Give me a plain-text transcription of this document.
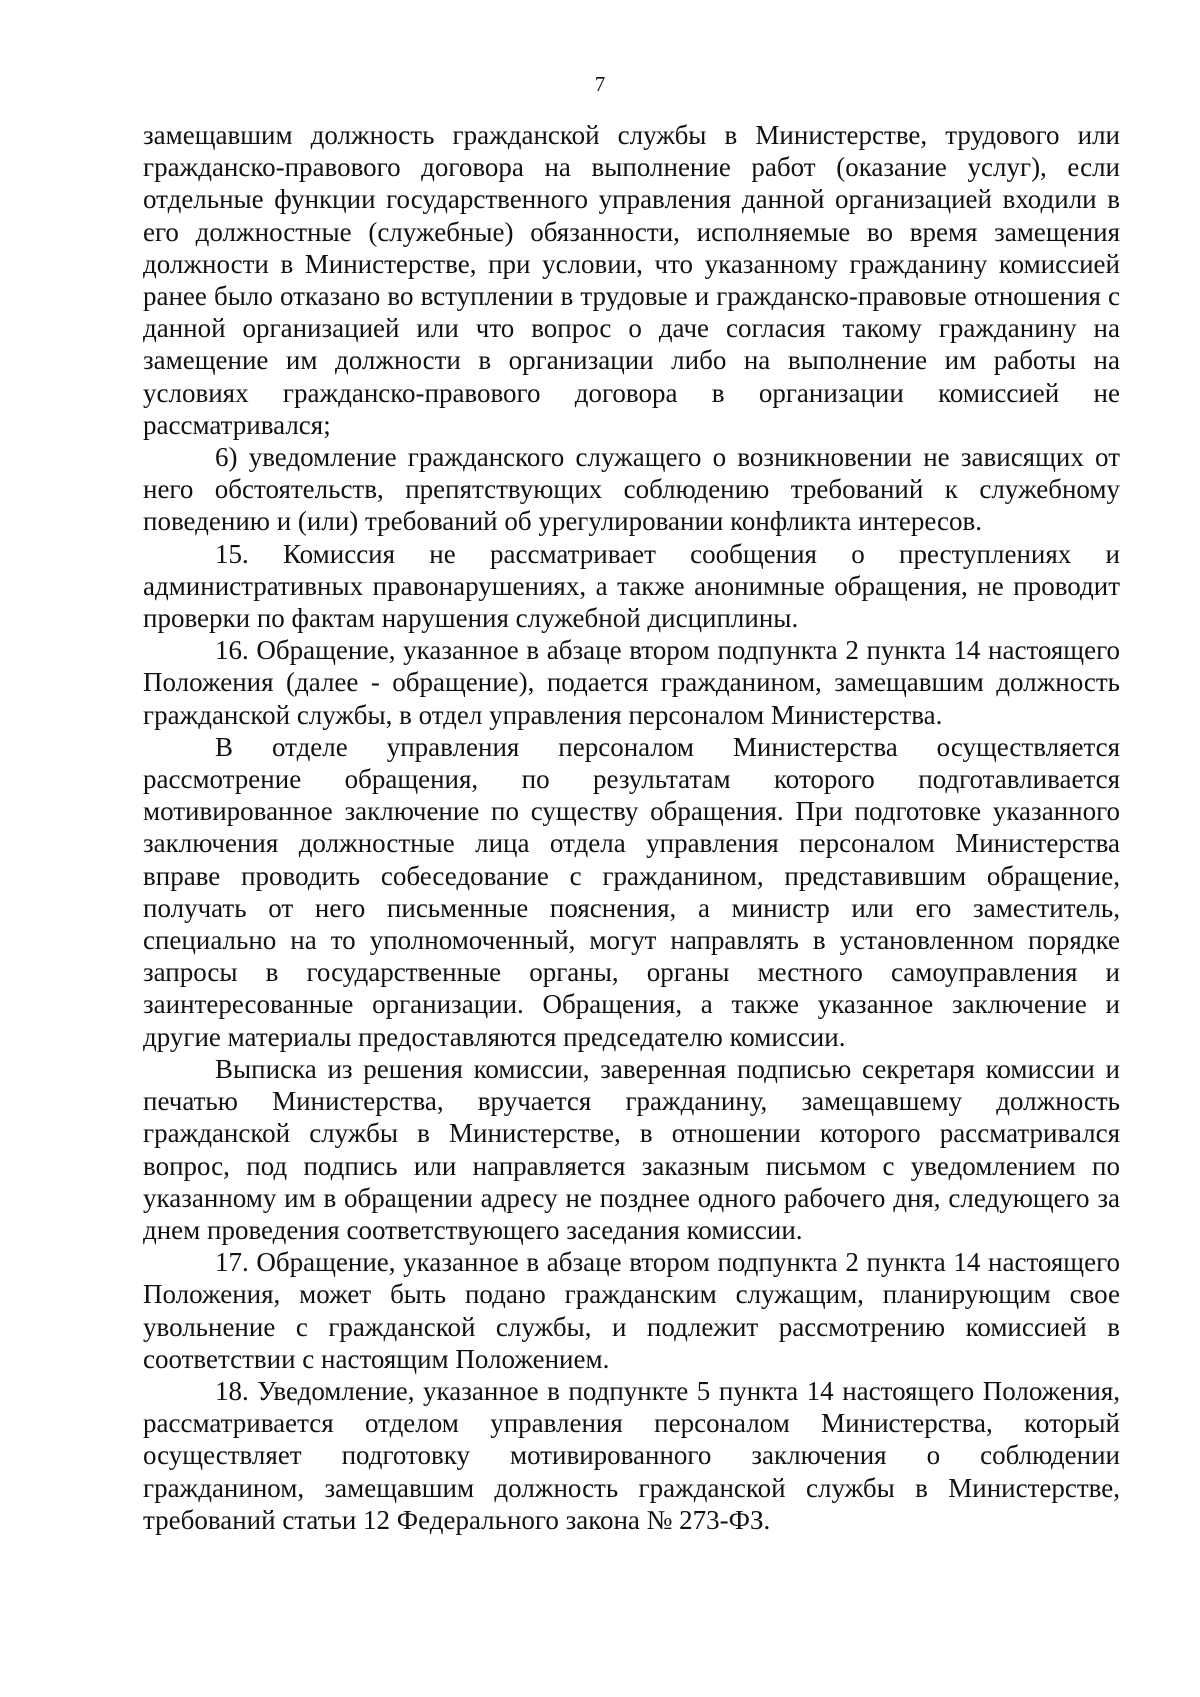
7

замещавшим должность гражданской службы в Министерстве, трудового или гражданско-правового договора на выполнение работ (оказание услуг), если отдельные функции государственного управления данной организацией входили в его должностные (служебные) обязанности, исполняемые во время замещения должности в Министерстве, при условии, что указанному гражданину комиссией ранее было отказано во вступлении в трудовые и гражданско-правовые отношения с данной организацией или что вопрос о даче согласия такому гражданину на замещение им должности в организации либо на выполнение им работы на условиях гражданско-правового договора в организации комиссией не рассматривался;

6) уведомление гражданского служащего о возникновении не зависящих от него обстоятельств, препятствующих соблюдению требований к служебному поведению и (или) требований об урегулировании конфликта интересов.

15. Комиссия не рассматривает сообщения о преступлениях и административных правонарушениях, а также анонимные обращения, не проводит проверки по фактам нарушения служебной дисциплины.

16. Обращение, указанное в абзаце втором подпункта 2 пункта 14 настоящего Положения (далее - обращение), подается гражданином, замещавшим должность гражданской службы, в отдел управления персоналом Министерства.

В отделе управления персоналом Министерства осуществляется рассмотрение обращения, по результатам которого подготавливается мотивированное заключение по существу обращения. При подготовке указанного заключения должностные лица отдела управления персоналом Министерства вправе проводить собеседование с гражданином, представившим обращение, получать от него письменные пояснения, а министр или его заместитель, специально на то уполномоченный, могут направлять в установленном порядке запросы в государственные органы, органы местного самоуправления и заинтересованные организации. Обращения, а также указанное заключение и другие материалы предоставляются председателю комиссии.

Выписка из решения комиссии, заверенная подписью секретаря комиссии и печатью Министерства, вручается гражданину, замещавшему должность гражданской службы в Министерстве, в отношении которого рассматривался вопрос, под подпись или направляется заказным письмом с уведомлением по указанному им в обращении адресу не позднее одного рабочего дня, следующего за днем проведения соответствующего заседания комиссии.

17. Обращение, указанное в абзаце втором подпункта 2 пункта 14 настоящего Положения, может быть подано гражданским служащим, планирующим свое увольнение с гражданской службы, и подлежит рассмотрению комиссией в соответствии с настоящим Положением.

18. Уведомление, указанное в подпункте 5 пункта 14 настоящего Положения, рассматривается отделом управления персоналом Министерства, который осуществляет подготовку мотивированного заключения о соблюдении гражданином, замещавшим должность гражданской службы в Министерстве, требований статьи 12 Федерального закона № 273-ФЗ.
